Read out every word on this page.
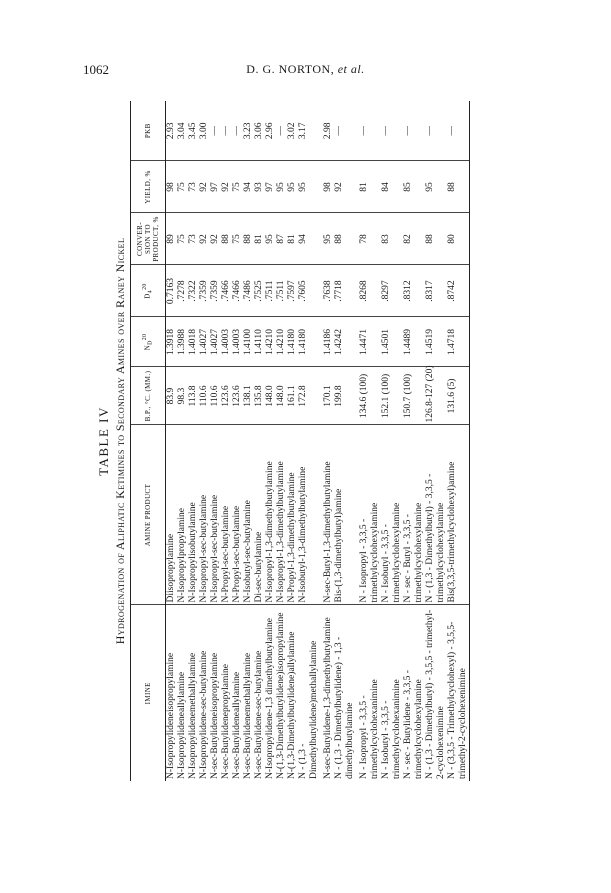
1062	D. G. NORTON, et al.
TABLE IV Hydrogenation of Aliphatic Ketimines to Secondary Amines over Raney Nickel
IMINE	AMINE PRODUCT	B.P., °C. (MM.)	$N_D^{20}$	$D_4^{20}$	CONVER-SION TO PRODUCT, %	YIELD, %	PKB
N-Isopropylideneisopropylamine	Diisopropylamine	83.9	1.3918	0.7163	89	98	2.93
N-Isopropylideneallylamine	N-Isopropylpropylamine	98.3	1.3988	.7278	75	75	3.04
N-Isopropylidenemethallylamine	N-Isopropylisobutylamine	113.8	1.4018	.7322	73	73	3.45
N-Isopropylidene-sec-butylamine	N-Isopropyl-sec-butylamine	110.6	1.4027	.7359	92	92	3.00
N-sec-Butylideneisopropylamine	N-Isopropyl-sec-butylamine	110.6	1.4027	.7359	92	97	—
N-sec-Butylidenepropylamine	N-Propyl-sec-butylamine	123.6	1.4003	.7466	88	92	—
N-sec-Butylideneallylamine	N-Propyl-sec-butylamine	123.6	1.4003	.7466	75	75	—
N-sec-Butylidenemethallylamine	N-Isobutyl-sec-butylamine	138.1	1.4100	.7486	88	94	3.23
N-sec-Butylidene-sec-butylamine	Di-sec-butylamine	135.8	1.4110	.7525	81	93	3.06
N-Isopropylidene-1,3 dimethylbutylamine	N-Isopropyl-1,3-dimethylbutylamine	148.0	1.4210	.7511	95	97	2.96
N-(1,3-Dimethylbutylidene)isopropylamine	N-Isopropyl-1,3-dimethylbutylamine	148.0	1.4210	.7511	87	95	—
N-(1,3-Dimethylbutylidene)allylamine	N-Propyl-1,3-dimethylbutylamine	161.1	1.4180	.7597	81	95	3.02
N - (1,3 - Dimethylbutylidene)methallylamine	N-Isobutyl-1,3-dimethylbutylamine	172.8	1.4180	.7605	94	95	3.17
N-sec-Butylidene-1,3-dimethylbutylamine	N-sec-Butyl-1,3-dimethylbutylamine	170.1	1.4186	.7638	95	98	2.98
N - (1,3 - Dimethylbutylidene) - 1,3 - dimethylbutylamine	Bis-(1,3-dimethylbutyl)amine	199.8	1.4242	.7718	88	92	—
N - Isopropyl - 3,3,5 - trimethylcyclohexanimine	N - Isopropyl - 3,3,5 - trimethylcyclohexylamine	134.6 (100)	1.4471	.8268	78	81	—
N - Isobutyl - 3,3,5 - trimethylcyclohexanimine	N - Isobutyl - 3,3,5 - trimethylcyclohexylamine	152.1 (100)	1.4501	.8297	83	84	—
N - sec - Butylidene - 3,3,5 - trimethylcyclohexylamine	N - sec - Butyl - 3,3,5 - trimethylcyclohexylamine	150.7 (100)	1.4489	.8312	82	85	—
N - (1,3 - Dimethylbutyl) - 3,5,5 - trimethyl-2-cyclohexenimine	N - (1,3 - Dimethylbutyl) - 3,3,5 - trimethylcyclohexylamine	126.8-127 (20)	1.4519	.8317	88	95	—
N - (3,3,5 - Trimethylcyclohexyl) - 3,5,5-trimethyl-2-cyclohexenimine	Bis(3,3,5-trimethylcyclohexyl)amine	131.6 (5)	1.4718	.8742	80	88	—
